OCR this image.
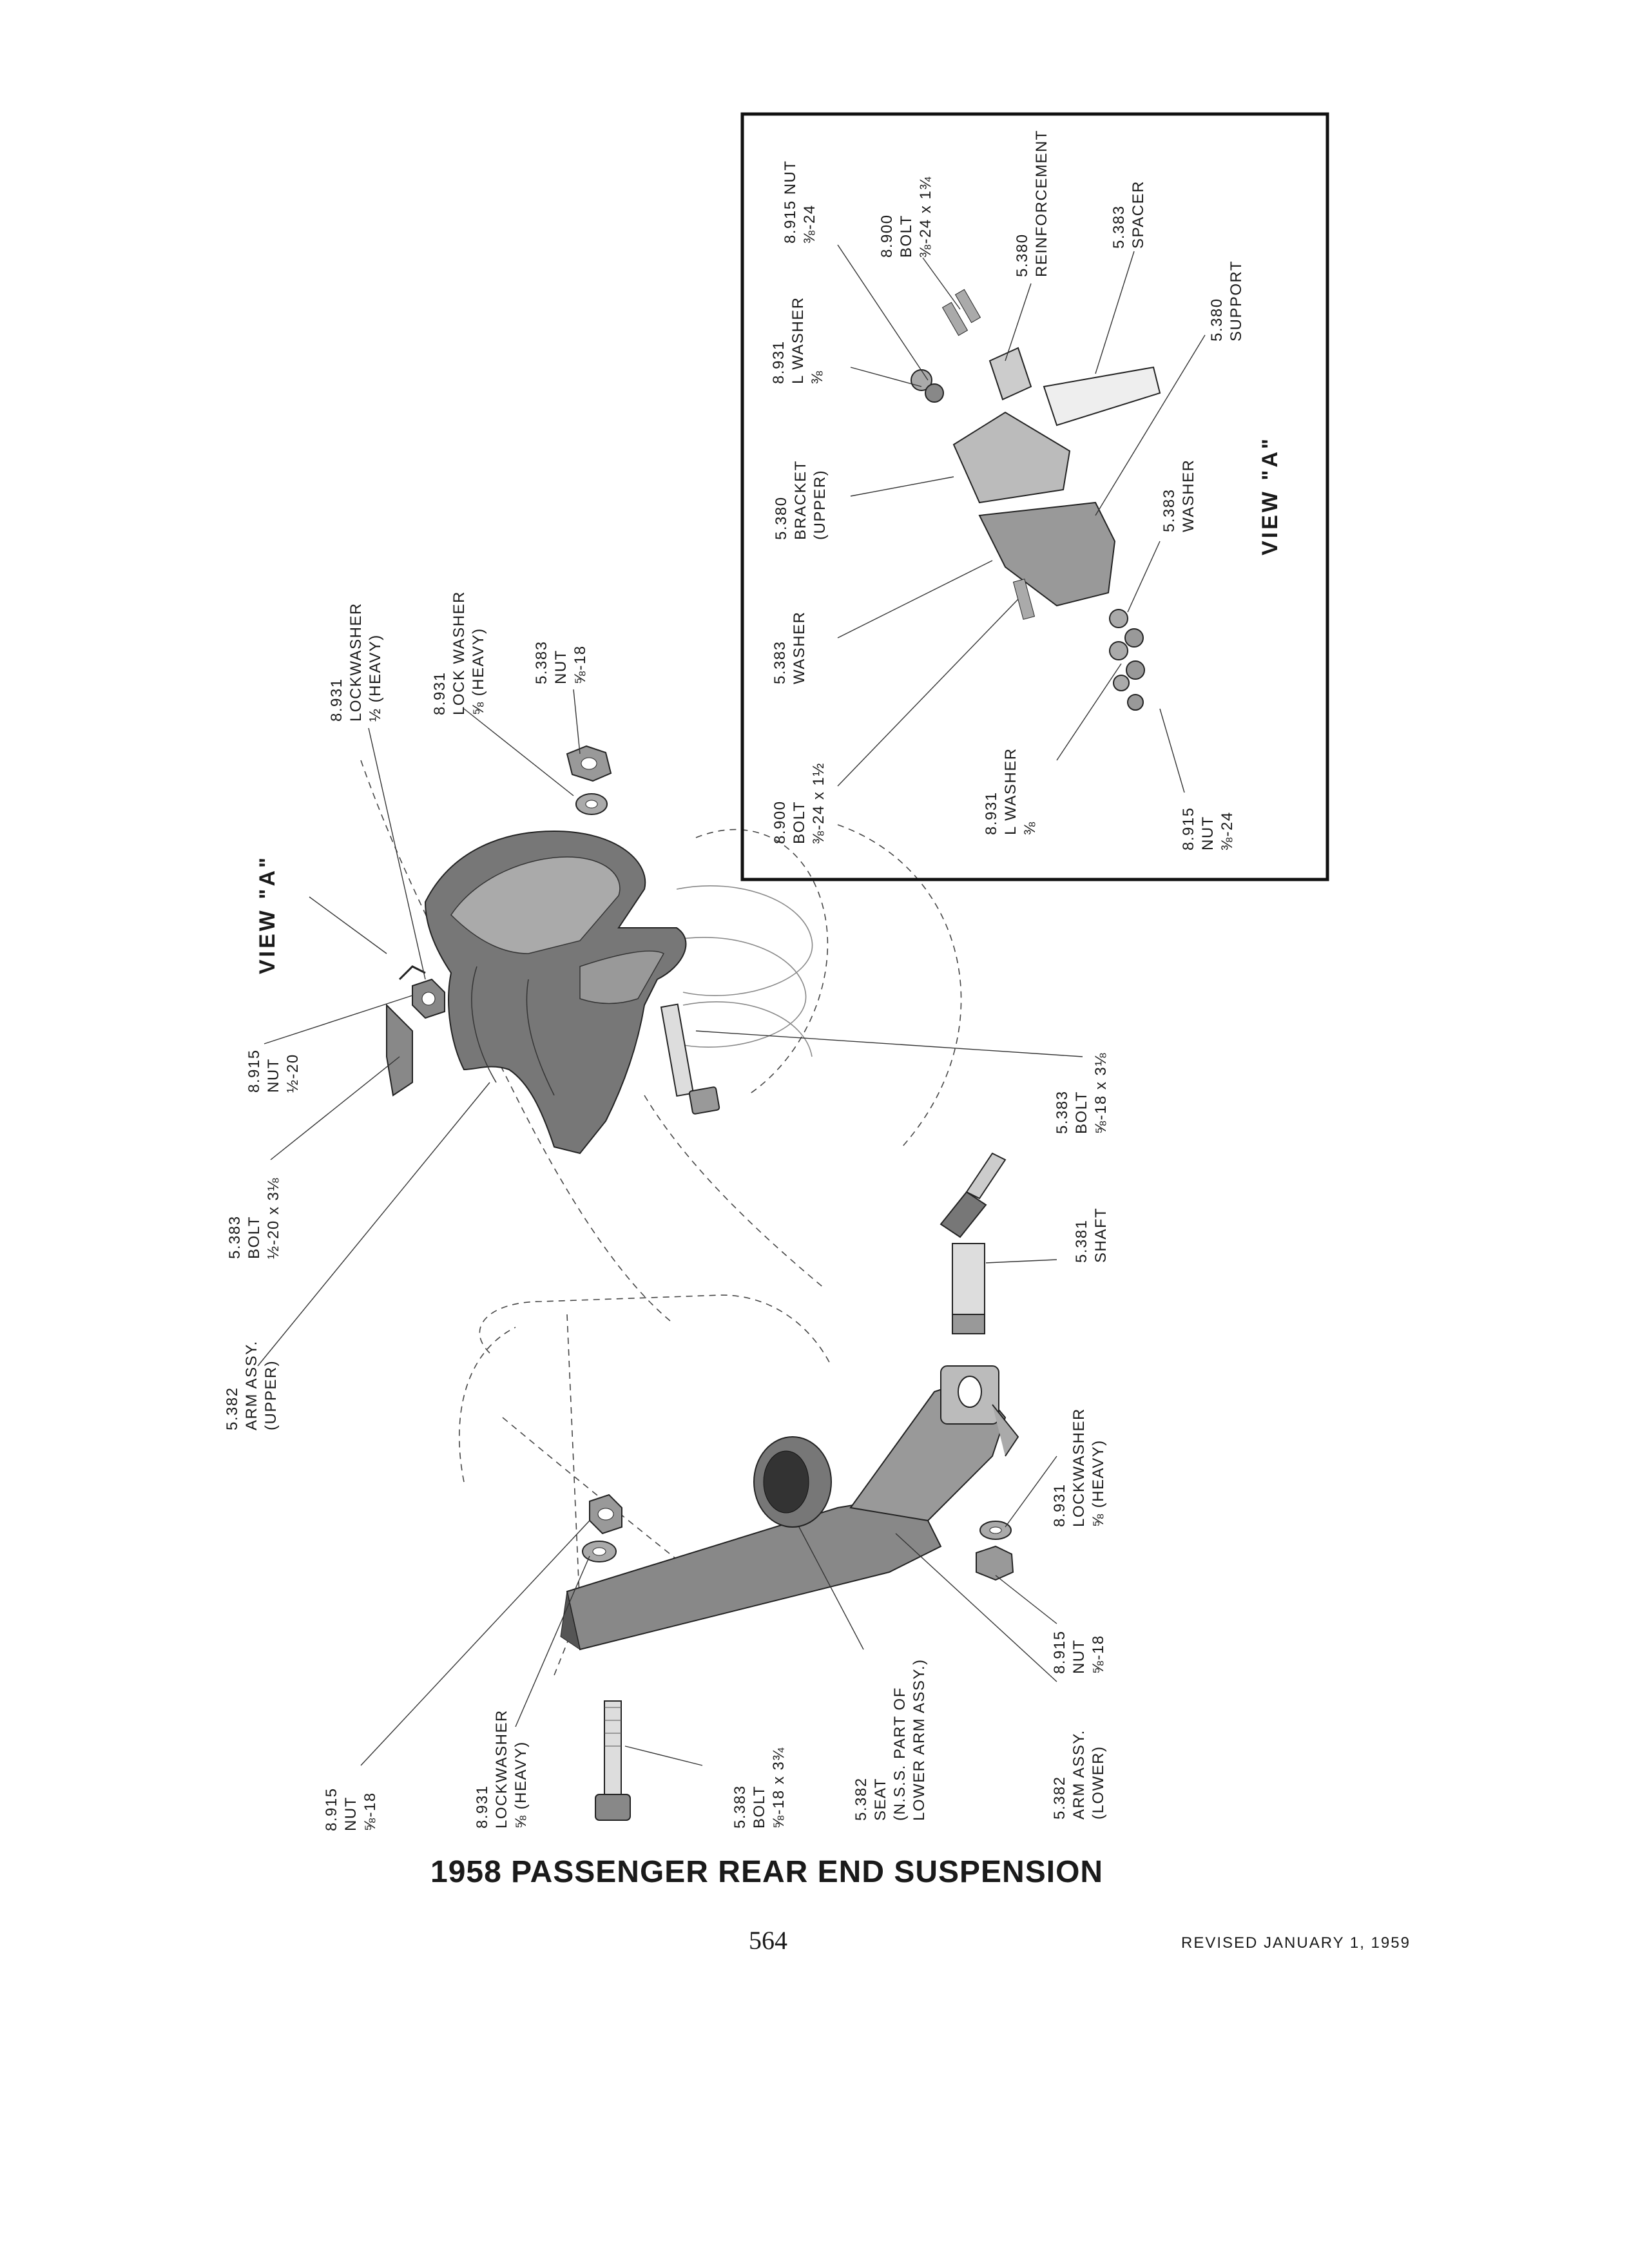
8.931 LOCKWASHER ½ (HEAVY)	8.931 LOCK WASHER ⅝ (HEAVY)	5.383 NUT ⅝-18
VIEW "A"
8.915 NUT ½-20
5.383 BOLT ½-20 x 3⅛
5.382 ARM ASSY. (UPPER)
5.383 BOLT ⅝-18 x 3⅛
5.381 SHAFT
8.931 LOCKWASHER ⅝ (HEAVY)
8.915 NUT ⅝-18
5.382 ARM ASSY. (LOWER)
5.382 SEAT (N.S.S. PART OF LOWER ARM ASSY.)
5.383 BOLT ⅝-18 x 3¾
8.931 LOCKWASHER ⅝ (HEAVY)
8.915 NUT ⅝-18
8.915 NUT ⅜-24	8.900 BOLT ⅜-24 x 1¾	5.380 REINFORCEMENT	5.383 SPACER
8.931 L WASHER ⅜
5.380 SUPPORT
5.380 BRACKET (UPPER)	5.383 WASHER	VIEW "A"
5.383 WASHER
8.900 BOLT ⅜-24 x 1½	8.931 L WASHER ⅜	8.915 NUT ⅜-24
1958 PASSENGER REAR END SUSPENSION
564	REVISED JANUARY 1, 1959
